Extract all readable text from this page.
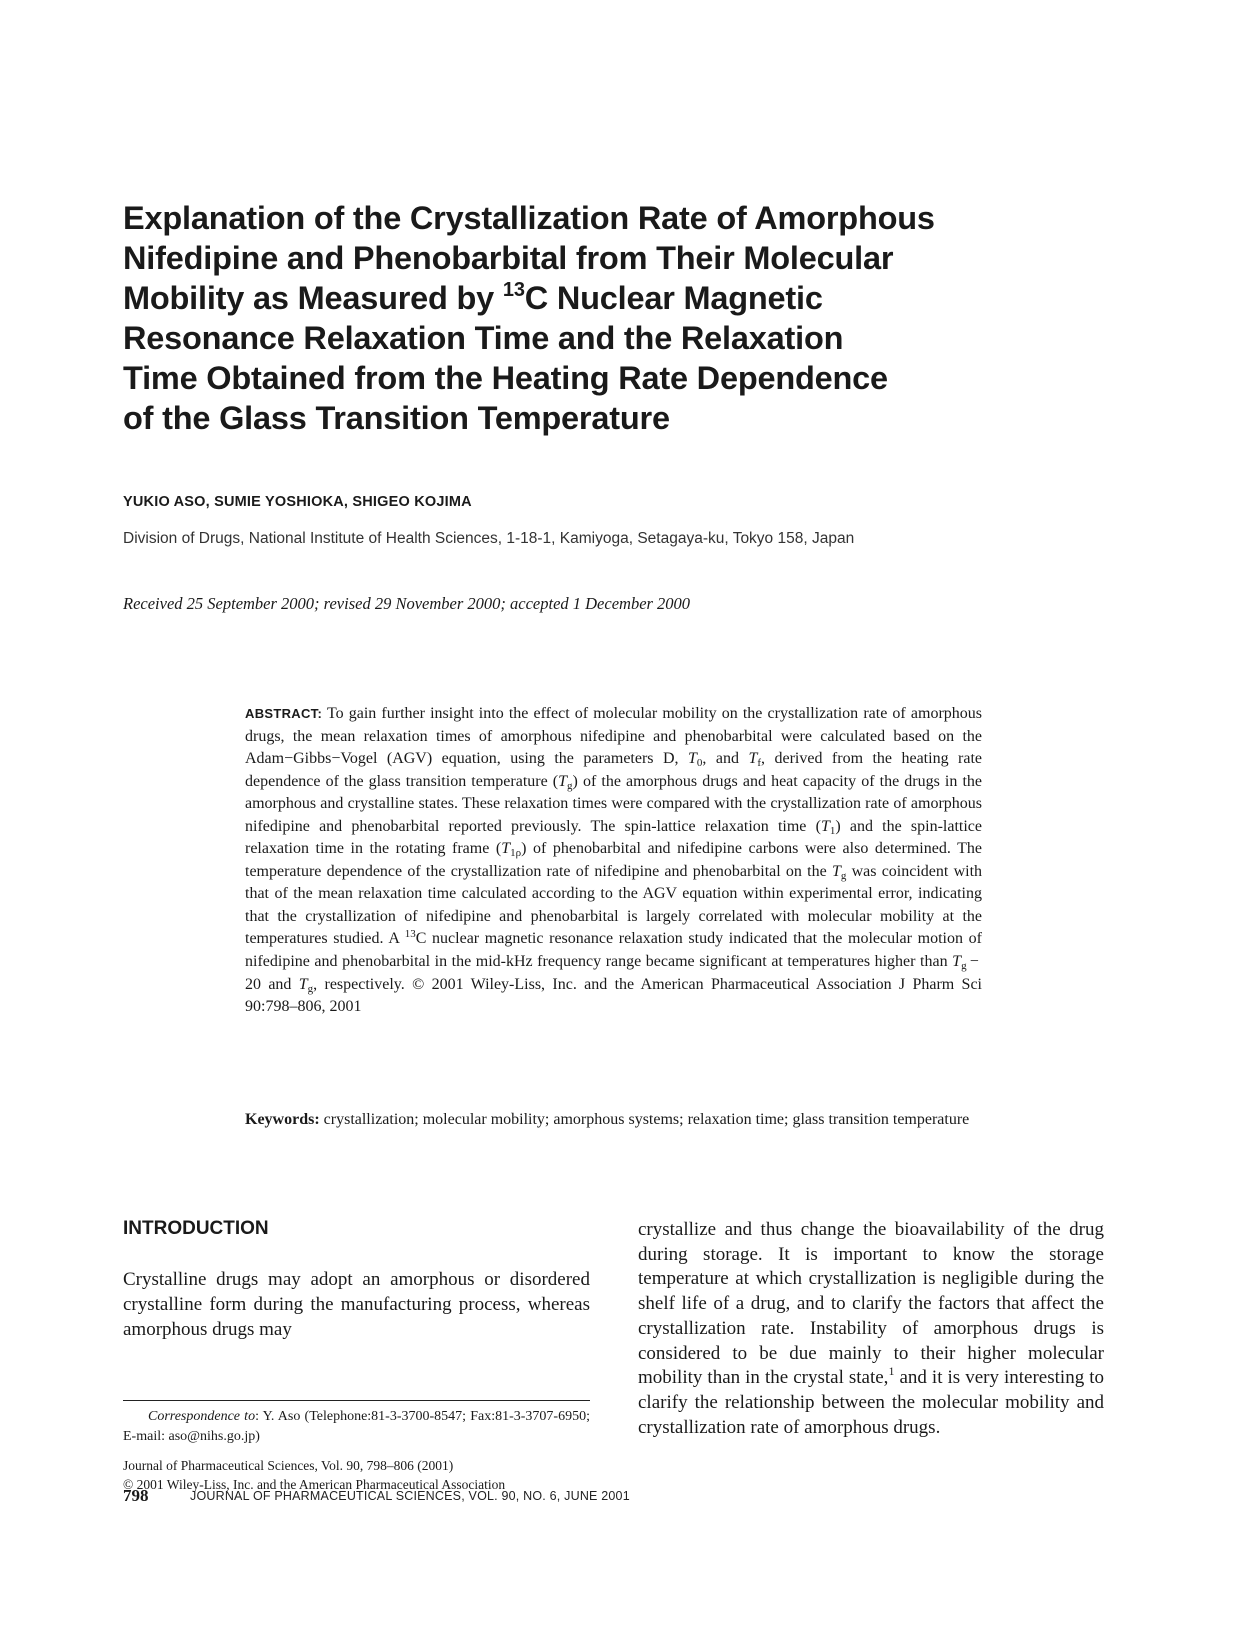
Explanation of the Crystallization Rate of Amorphous
Nifedipine and Phenobarbital from Their Molecular
Mobility as Measured by $^{13}$C Nuclear Magnetic
Resonance Relaxation Time and the Relaxation
Time Obtained from the Heating Rate Dependence
of the Glass Transition Temperature
YUKIO ASO, SUMIE YOSHIOKA, SHIGEO KOJIMA
Division of Drugs, National Institute of Health Sciences, 1-18-1, Kamiyoga, Setagaya-ku, Tokyo 158, Japan
Received 25 September 2000; revised 29 November 2000; accepted 1 December 2000

ABSTRACT: To gain further insight into the effect of molecular mobility on the crystallization rate of amorphous drugs, the mean relaxation times of amorphous nifedipine and phenobarbital were calculated based on the Adam−Gibbs−Vogel (AGV) equation, using the parameters D, $T_0$, and $T_f$, derived from the heating rate dependence of the glass transition temperature $(T_g)$ of the amorphous drugs and heat capacity of the drugs in the amorphous and crystalline states. These relaxation times were compared with the crystallization rate of amorphous nifedipine and phenobarbital reported previously. The spin-lattice relaxation time $(T_1)$ and the spin-lattice relaxation time in the rotating frame $(T_{1\rho})$ of phenobarbital and nifedipine carbons were also determined. The temperature dependence of the crystallization rate of nifedipine and phenobarbital on the $T_g$ was coincident with that of the mean relaxation time calculated according to the AGV equation within experimental error, indicating that the crystallization of nifedipine and phenobarbital is largely correlated with molecular mobility at the temperatures studied. A $^{13}$C nuclear magnetic resonance relaxation study indicated that the molecular motion of nifedipine and phenobarbital in the mid-kHz frequency range became significant at temperatures higher than $T_g - 20$ and $T_g$, respectively. © 2001 Wiley-Liss, Inc. and the American Pharmaceutical Association J Pharm Sci 90:798–806, 2001

Keywords: crystallization; molecular mobility; amorphous systems; relaxation time; glass transition temperature

INTRODUCTION

Crystalline drugs may adopt an amorphous or disordered crystalline form during the manufacturing process, whereas amorphous drugs may

crystallize and thus change the bioavailability of the drug during storage. It is important to know the storage temperature at which crystallization is negligible during the shelf life of a drug, and to clarify the factors that affect the crystallization rate. Instability of amorphous drugs is considered to be due mainly to their higher molecular mobility than in the crystal state,$^1$ and it is very interesting to clarify the relationship between the molecular mobility and crystallization rate of amorphous drugs.

Correspondence to: Y. Aso (Telephone:81-3-3700-8547; Fax:81-3-3707-6950; E-mail: aso@nihs.go.jp)

Journal of Pharmaceutical Sciences, Vol. 90, 798–806 (2001)
© 2001 Wiley-Liss, Inc. and the American Pharmaceutical Association

798	JOURNAL OF PHARMACEUTICAL SCIENCES, VOL. 90, NO. 6, JUNE 2001
